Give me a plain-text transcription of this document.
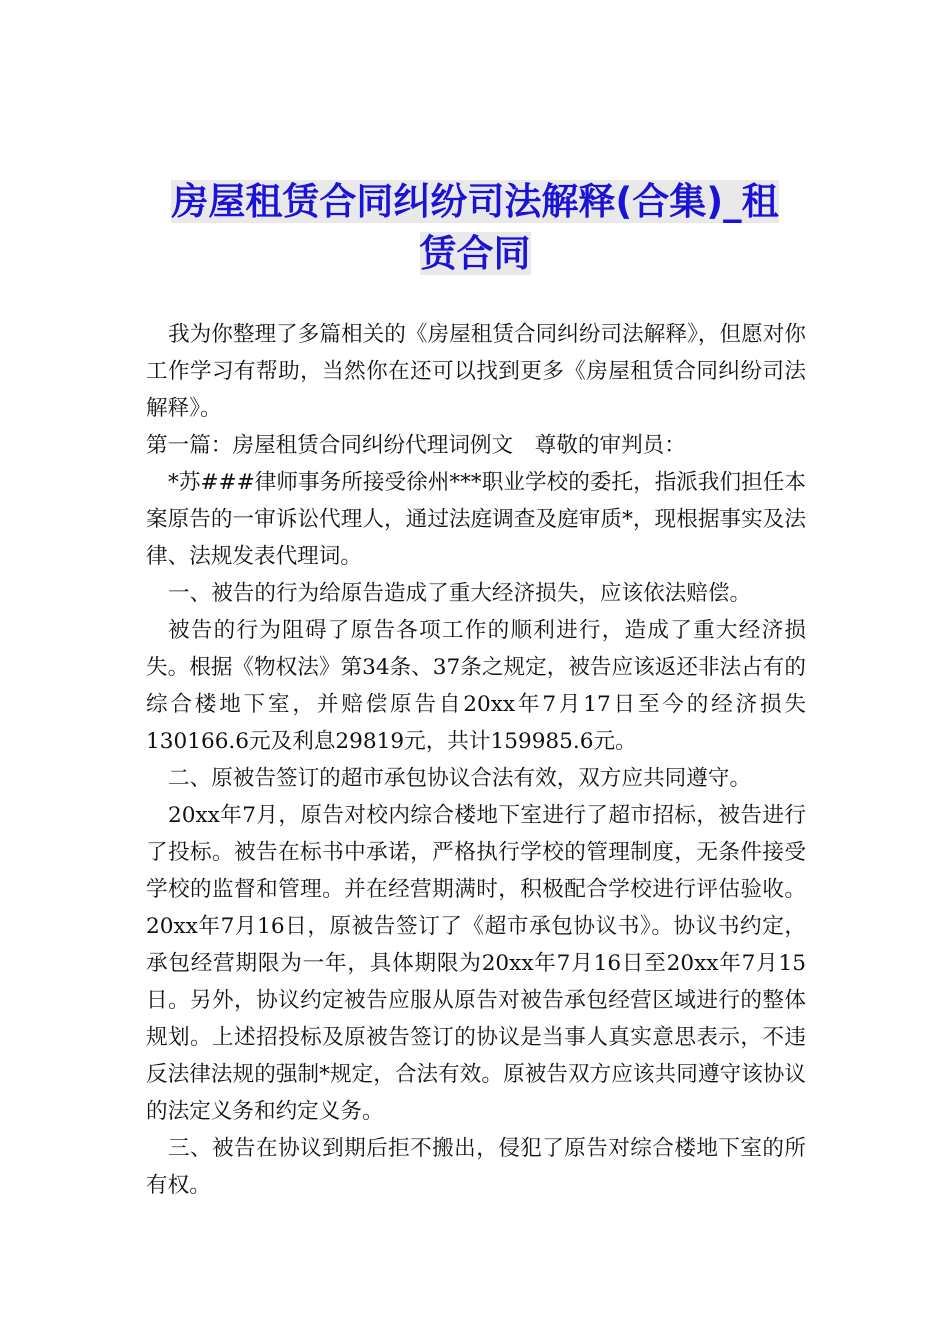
房屋租赁合同纠纷司法解释(合集)_租
赁合同

我为你整理了多篇相关的《房屋租赁合同纠纷司法解释》，但愿对你工作学习有帮助，当然你在还可以找到更多《房屋租赁合同纠纷司法解释》。

第一篇：房屋租赁合同纠纷代理词例文　尊敬的审判员：

*苏###律师事务所接受徐州***职业学校的委托，指派我们担任本案原告的一审诉讼代理人，通过法庭调查及庭审质*，现根据事实及法律、法规发表代理词。

一、被告的行为给原告造成了重大经济损失，应该依法赔偿。

被告的行为阻碍了原告各项工作的顺利进行，造成了重大经济损失。根据《物权法》第34条、37条之规定，被告应该返还非法占有的综合楼地下室，并赔偿原告自20xx年7月17日至今的经济损失130166.6元及利息29819元，共计159985.6元。

二、原被告签订的超市承包协议合法有效，双方应共同遵守。

20xx年7月，原告对校内综合楼地下室进行了超市招标，被告进行了投标。被告在标书中承诺，严格执行学校的管理制度，无条件接受学校的监督和管理。并在经营期满时，积极配合学校进行评估验收。20xx年7月16日，原被告签订了《超市承包协议书》。协议书约定，承包经营期限为一年，具体期限为20xx年7月16日至20xx年7月15日。另外，协议约定被告应服从原告对被告承包经营区域进行的整体规划。上述招投标及原被告签订的协议是当事人真实意思表示，不违反法律法规的强制*规定，合法有效。原被告双方应该共同遵守该协议的法定义务和约定义务。

三、被告在协议到期后拒不搬出，侵犯了原告对综合楼地下室的所有权。
